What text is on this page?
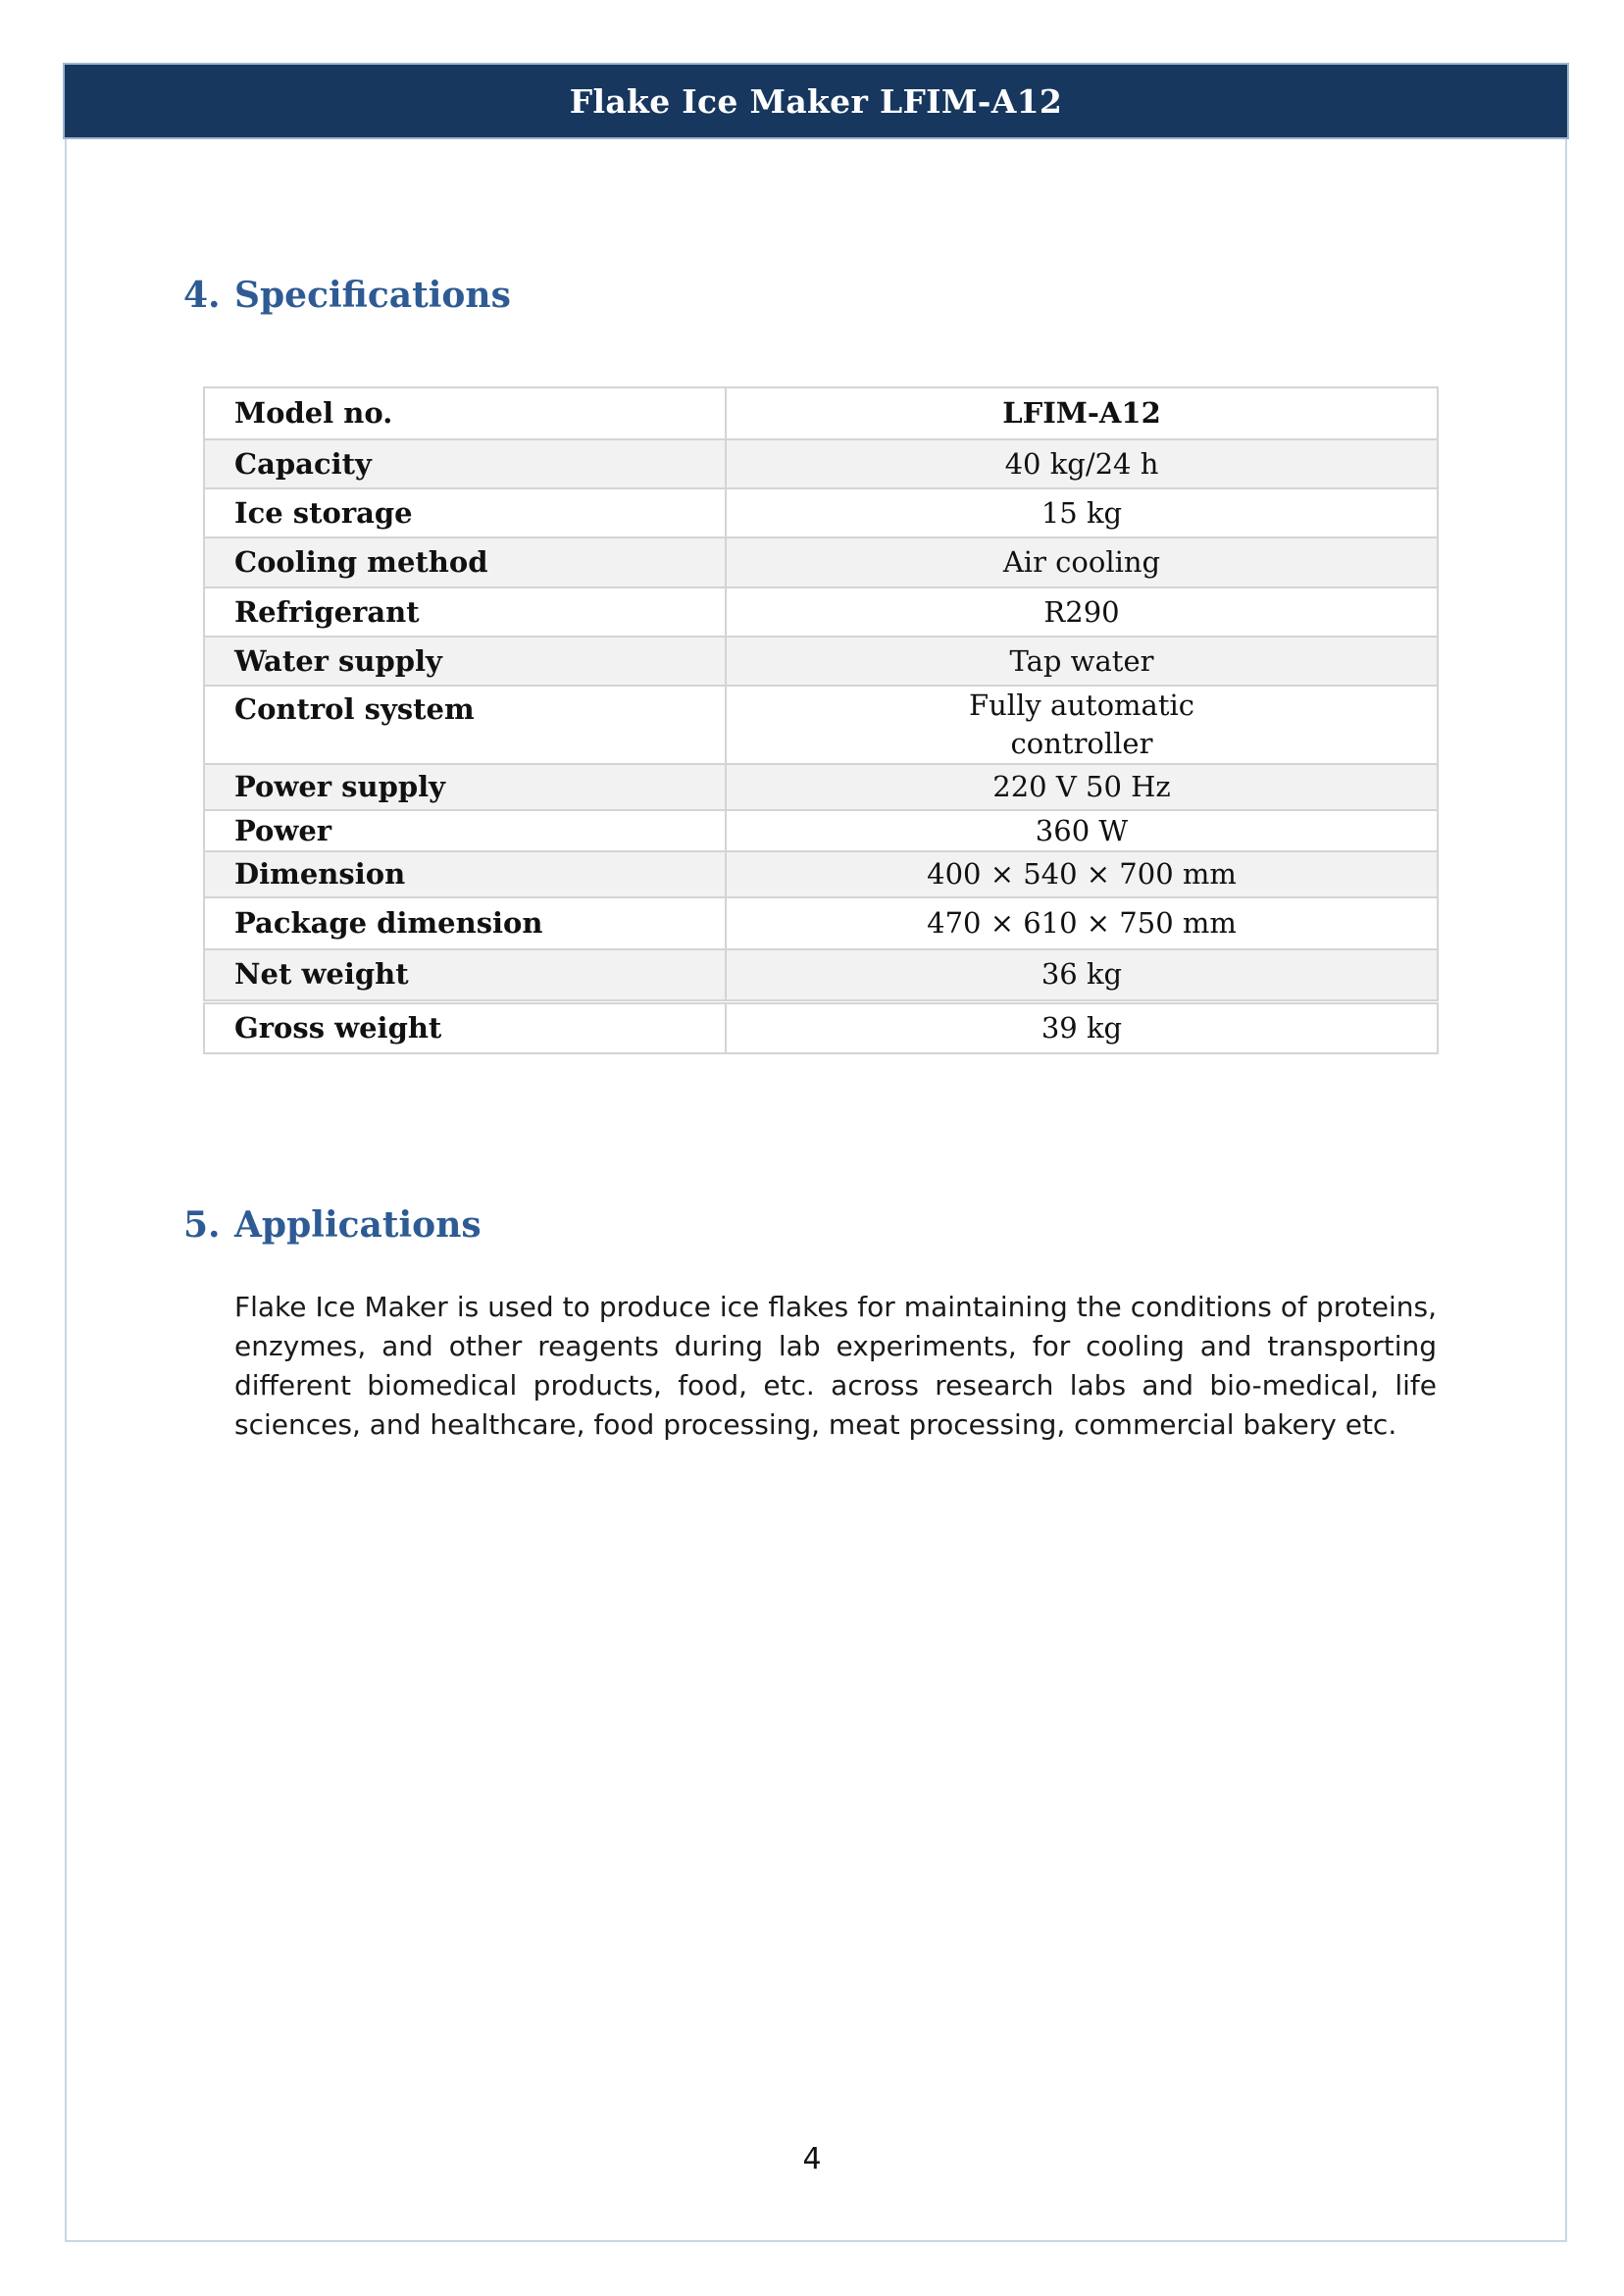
Flake Ice Maker LFIM-A12
4. Specifications
Model no.	LFIM-A12
Capacity	40 kg/24 h
Ice storage	15 kg
Cooling method	Air cooling
Refrigerant	R290
Water supply	Tap water
Control system	Fully automatic
controller

Power supply	220 V 50 Hz
Power	360 W
Dimension	400 × 540 × 700 mm
Package dimension	470 × 610 × 750 mm
Net weight	36 kg
Gross weight	39 kg
5. Applications

Flake Ice Maker is used to produce ice flakes for maintaining the conditions of proteins, enzymes, and other reagents during lab experiments, for cooling and transporting different biomedical products, food, etc. across research labs and bio-medical, life sciences, and healthcare, food processing, meat processing, commercial bakery etc.

4
